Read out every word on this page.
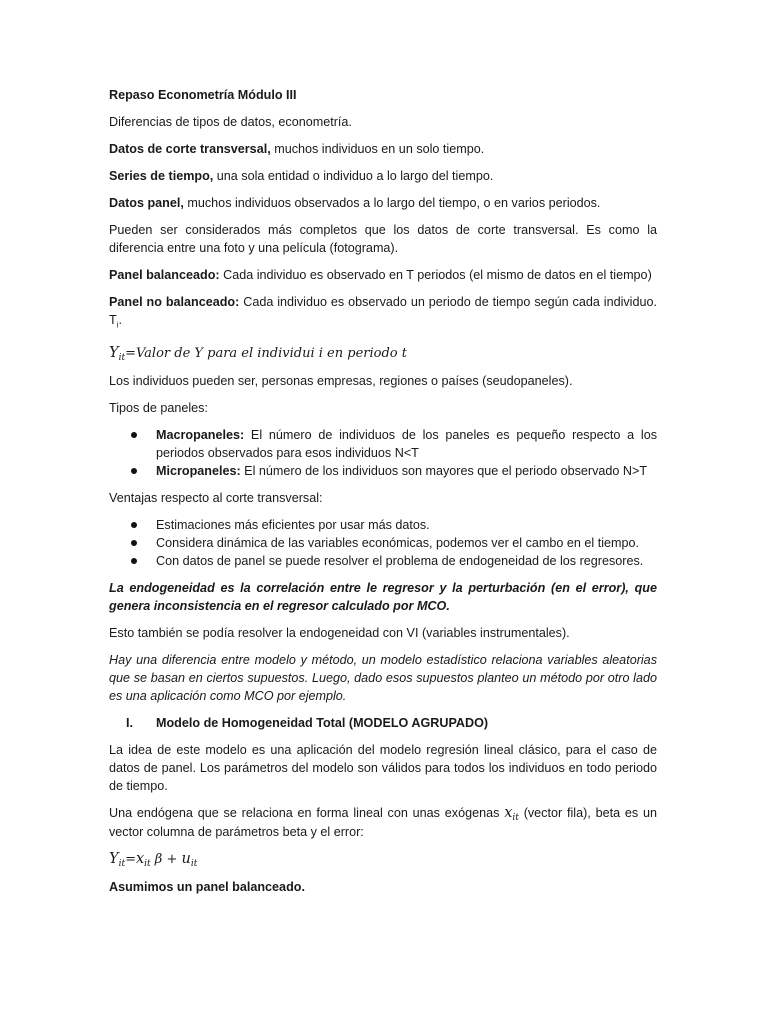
Repaso Econometría Módulo III

Diferencias de tipos de datos, econometría.

Datos de corte transversal, muchos individuos en un solo tiempo.

Series de tiempo, una sola entidad o individuo a lo largo del tiempo.

Datos panel, muchos individuos observados a lo largo del tiempo, o en varios periodos.

Pueden ser considerados más completos que los datos de corte transversal. Es como la diferencia entre una foto y una película (fotograma).

Panel balanceado: Cada individuo es observado en T periodos (el mismo de datos en el tiempo)

Panel no balanceado: Cada individuo es observado un periodo de tiempo según cada individuo. $T_i$.

$Y_{it}=Valor$ de Y para el individui i en periodo t

Los individuos pueden ser, personas empresas, regiones o países (seudopaneles).

Tipos de paneles:

Macropaneles: El número de individuos de los paneles es pequeño respecto a los periodos observados para esos individuos N<T
Micropaneles: El número de los individuos son mayores que el periodo observado N>T

Ventajas respecto al corte transversal:

Estimaciones más eficientes por usar más datos.
Considera dinámica de las variables económicas, podemos ver el cambo en el tiempo.
Con datos de panel se puede resolver el problema de endogeneidad de los regresores.

La endogeneidad es la correlación entre le regresor y la perturbación (en el error), que genera inconsistencia en el regresor calculado por MCO.

Esto también se podía resolver la endogeneidad con VI (variables instrumentales).

Hay una diferencia entre modelo y método, un modelo estadístico relaciona variables aleatorias que se basan en ciertos supuestos. Luego, dado esos supuestos planteo un método por otro lado es una aplicación como MCO por ejemplo.

I. Modelo de Homogeneidad Total (MODELO AGRUPADO)

La idea de este modelo es una aplicación del modelo regresión lineal clásico, para el caso de datos de panel. Los parámetros del modelo son válidos para todos los individuos en todo periodo de tiempo.

Una endógena que se relaciona en forma lineal con unas exógenas $x_{it}$ (vector fila), beta es un vector columna de parámetros beta y el error:

$Y_{it}=x_{it}$ $\beta + u_{it}$

Asumimos un panel balanceado.
